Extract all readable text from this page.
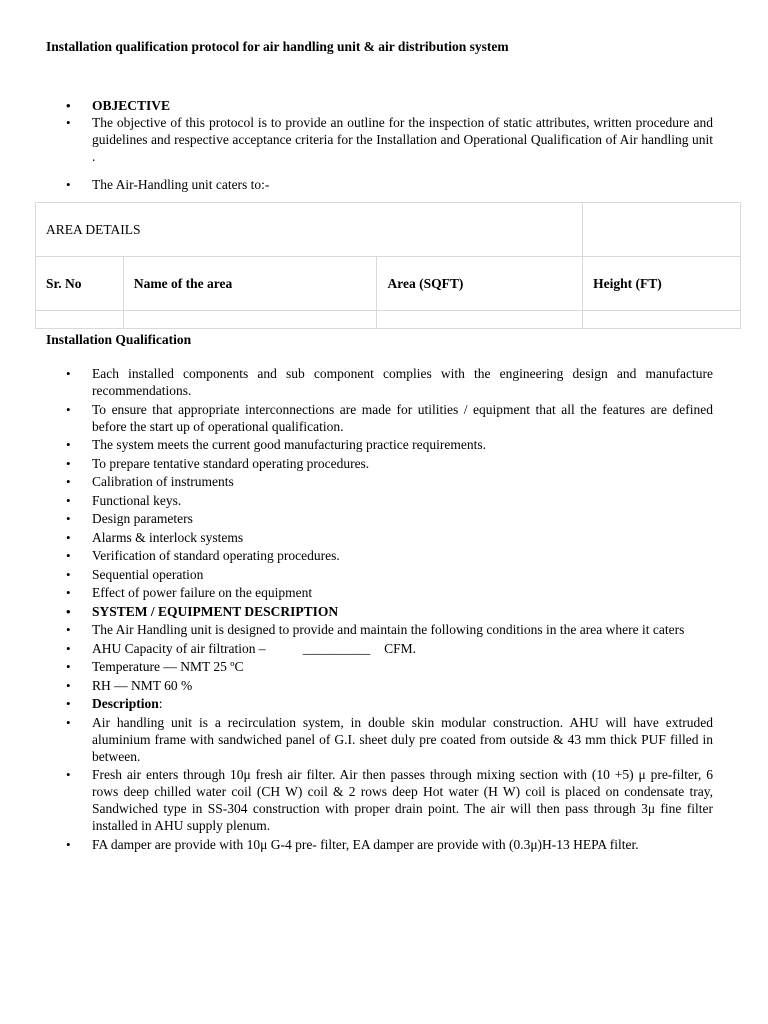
Installation qualification protocol for air handling unit & air distribution system
• OBJECTIVE
• The objective of this protocol is to provide an outline for the inspection of static attributes, written procedure and guidelines and respective acceptance criteria for the Installation and Operational Qualification of Air handling unit .
• The Air-Handling unit caters to:-
AREA DETAILS			
Sr. No	Name of the area	Area (SQFT)	Height (FT)

Installation Qualification
• Each installed components and sub component complies with the engineering design and manufacture recommendations.
• To ensure that appropriate interconnections are made for utilities / equipment that all the features are defined before the start up of operational qualification.
• The system meets the current good manufacturing practice requirements.
• To prepare tentative standard operating procedures.
• Calibration of instruments
• Functional keys.
• Design parameters
• Alarms & interlock systems
• Verification of standard operating procedures.
• Sequential operation
• Effect of power failure on the equipment
• SYSTEM / EQUIPMENT DESCRIPTION
• The Air Handling unit is designed to provide and maintain the following conditions in the area where it caters
• AHU Capacity of air filtration – _____	CFM.
• Temperature — NMT 25 ºC
• RH — NMT 60 %
• Description:
• Air handling unit is a recirculation system, in double skin modular construction. AHU will have extruded aluminium frame with sandwiched panel of G.I. sheet duly pre coated from outside & 43 mm thick PUF filled in between.
• Fresh air enters through 10μ fresh air filter. Air then passes through mixing section with (10 +5) μ pre-filter, 6 rows deep chilled water coil (CH W) coil & 2 rows deep Hot water (H W) coil is placed on condensate tray, Sandwiched type in SS-304 construction with proper drain point. The air will then pass through 3μ fine filter installed in AHU supply plenum.
• FA damper are provide with 10μ G-4 pre- filter, EA damper are provide with (0.3μ)H-13 HEPA filter.
